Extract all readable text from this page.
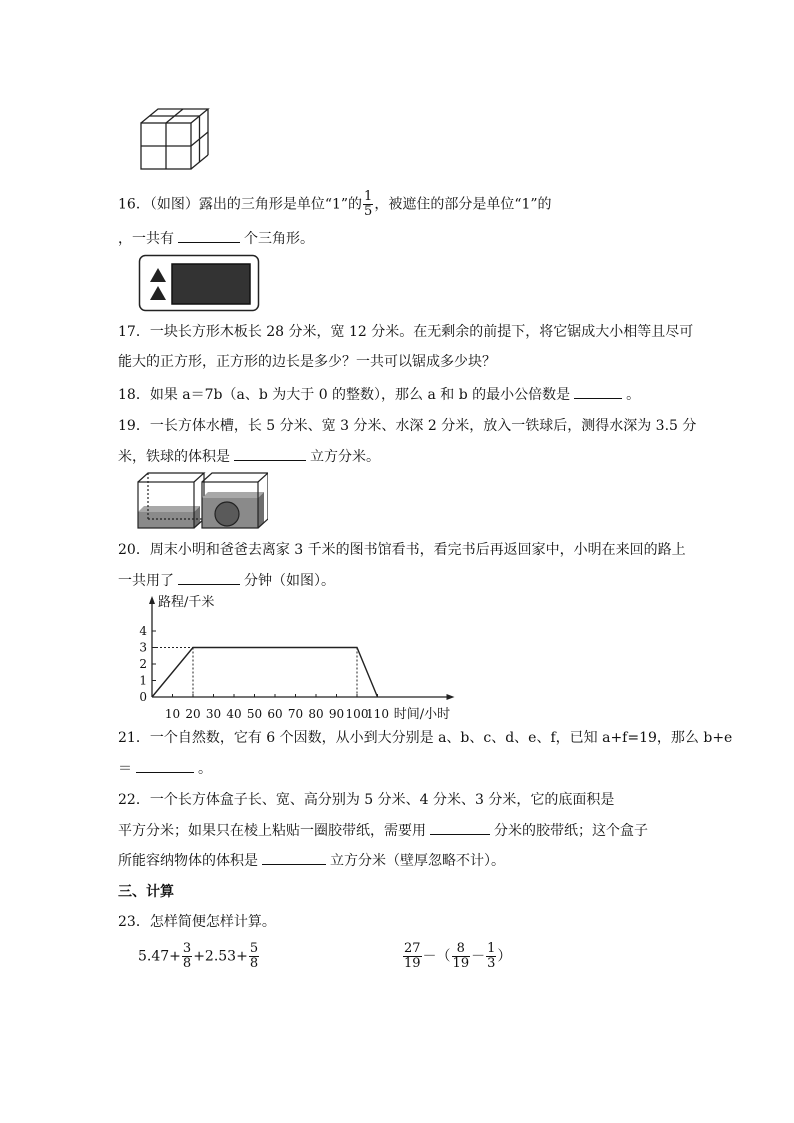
16．（如图）露出的三角形是单位“1”的 $\frac{1}{5}$ ，被遮住的部分是单位“1”的
，一共有	个三角形。
17．一块长方形木板长 28 分米，宽 12 分米。在无剩余的前提下，将它锯成大小相等且尽可
能大的正方形，正方形的边长是多少？一共可以锯成多少块？
18．如果 a＝7b（a、b 为大于 0 的整数），那么 a 和 b 的最小公倍数是	。
19．一长方体水槽，长 5 分米、宽 3 分米、水深 2 分米，放入一铁球后，测得水深为 3.5 分
米，铁球的体积是	立方分米。
20．周末小明和爸爸去离家 3 千米的图书馆看书，看完书后再返回家中，小明在来回的路上
一共用了	分钟（如图）。
路程/千米
时间/小时
0
1
2
3
4
10 20 30 40 50 60 70 80 90 100
110
21．一个自然数，它有 6 个因数，从小到大分别是 a、b、c、d、e、f，已知 a+f=19，那么 b+e
＝	。
22．一个长方体盒子长、宽、高分别为 5 分米、4 分米、3 分米，它的底面积是
平方分米；如果只在棱上粘贴一圈胶带纸，需要用	分米的胶带纸；这个盒子
所能容纳物体的体积是	立方分米（壁厚忽略不计）。
三、计算
23．怎样简便怎样计算。
$5.47+ \frac{3}{8} +2.53+ \frac{5}{8}$	$\frac{27}{19}$ －（ $\frac{8}{19} - \frac{1}{3}$ ）
